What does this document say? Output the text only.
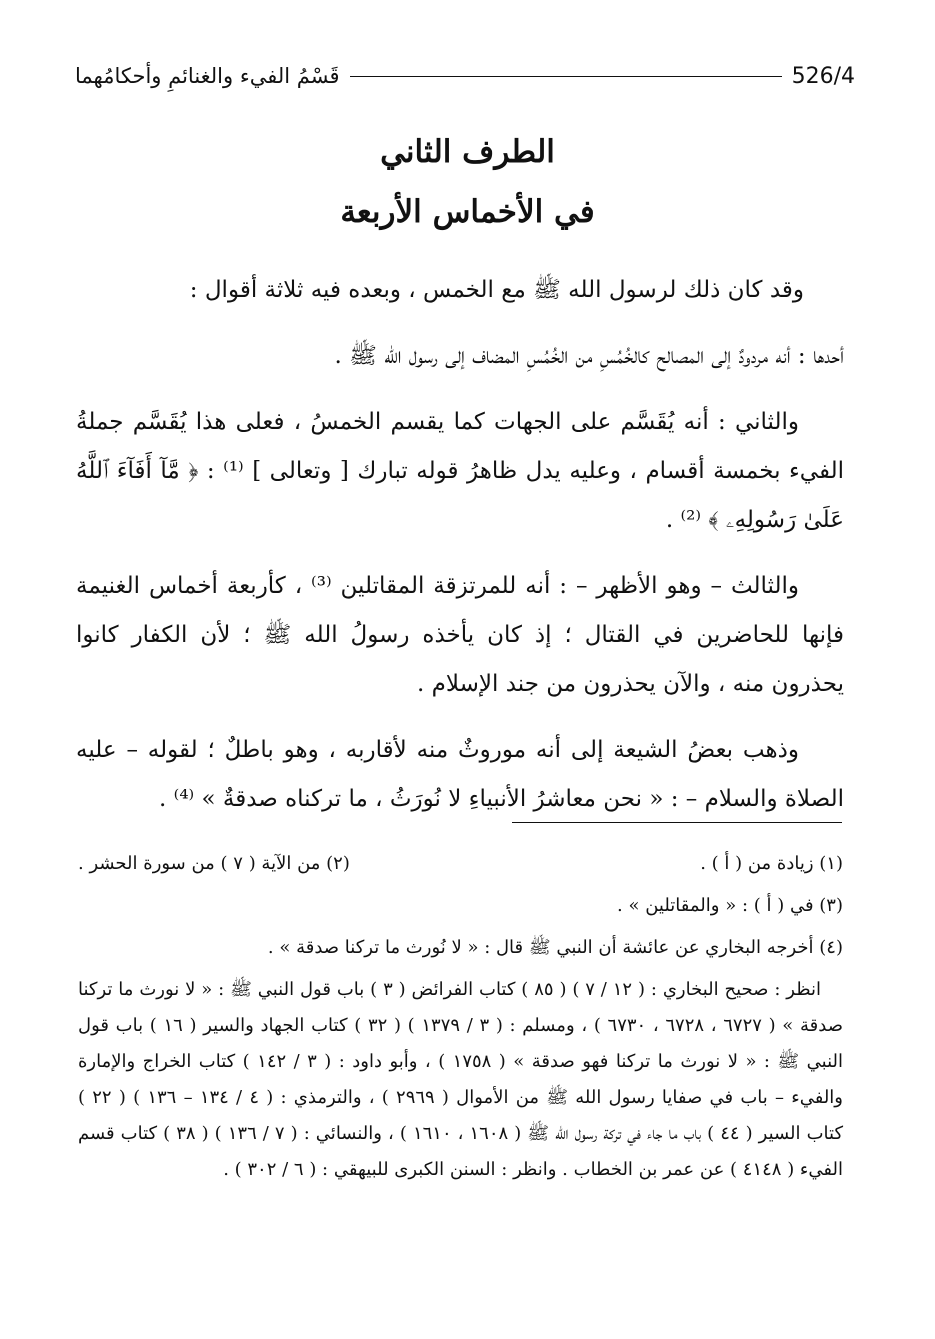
قَسْمُ الفيء والغنائمِ وأحكامُهما	526/4
الطرف الثاني
في الأخماس الأربعة

وقد كان ذلك لرسول الله ﷺ مع الخمس ، وبعده فيه ثلاثة أقوال :

أحدها : أنه مردودٌ إلى المصالح كالخُمُسِ من الخُمُسِ المضاف إلى رسول الله ﷺ .

والثاني : أنه يُقَسَّم على الجهات كما يقسم الخمسُ ، فعلى هذا يُقَسَّم جملةُ الفيء بخمسة أقسام ، وعليه يدل ظاهرُ قوله تبارك [ وتعالى ] ⁽¹⁾ : ﴿ مَّآ أَفَآءَ ٱللَّهُ عَلَىٰ رَسُولِهِۦ ﴾ ⁽²⁾ .

والثالث – وهو الأظهر – : أنه للمرتزقة المقاتلين ⁽³⁾ ، كأربعة أخماس الغنيمة فإنها للحاضرين في القتال ؛ إذ كان يأخذه رسولُ الله ﷺ ؛ لأن الكفار كانوا يحذرون منه ، والآن يحذرون من جند الإسلام .

وذهب بعضُ الشيعة إلى أنه موروثٌ منه لأقاربه ، وهو باطلٌ ؛ لقوله – عليه الصلاة والسلام – : « نحن معاشرُ الأنبياءِ لا نُورَثُ ، ما تركناه صدقةٌ » ⁽⁴⁾ .

(١) زيادة من ( أ ) .
(٢) من الآية ( ٧ ) من سورة الحشر .
(٣) في ( أ ) : « والمقاتلين » .
(٤) أخرجه البخاري عن عائشة أن النبي ﷺ قال : « لا نُورث ما تركنا صدقة » .
انظر : صحيح البخاري : ( ١٢ / ٧ ) ( ٨٥ ) كتاب الفرائض ( ٣ ) باب قول النبي ﷺ : « لا نورث ما تركنا صدقة » ( ٦٧٢٧ ، ٦٧٢٨ ، ٦٧٣٠ ) ، ومسلم : ( ٣ / ١٣٧٩ ) ( ٣٢ ) كتاب الجهاد والسير ( ١٦ ) باب قول النبي ﷺ : « لا نورث ما تركنا فهو صدقة » ( ١٧٥٨ ) ، وأبو داود : ( ٣ / ١٤٢ ) كتاب الخراج والإمارة والفيء – باب في صفايا رسول الله ﷺ من الأموال ( ٢٩٦٩ ) ، والترمذي : ( ٤ / ١٣٤ – ١٣٦ ) ( ٢٢ ) كتاب السير ( ٤٤ ) باب ما جاء في تركة رسول الله ﷺ ( ١٦٠٨ ، ١٦١٠ ) ، والنسائي : ( ٧ / ١٣٦ ) ( ٣٨ ) كتاب قسم الفيء ( ٤١٤٨ ) عن عمر بن الخطاب . وانظر : السنن الكبرى للبيهقي : ( ٦ / ٣٠٢ ) .
